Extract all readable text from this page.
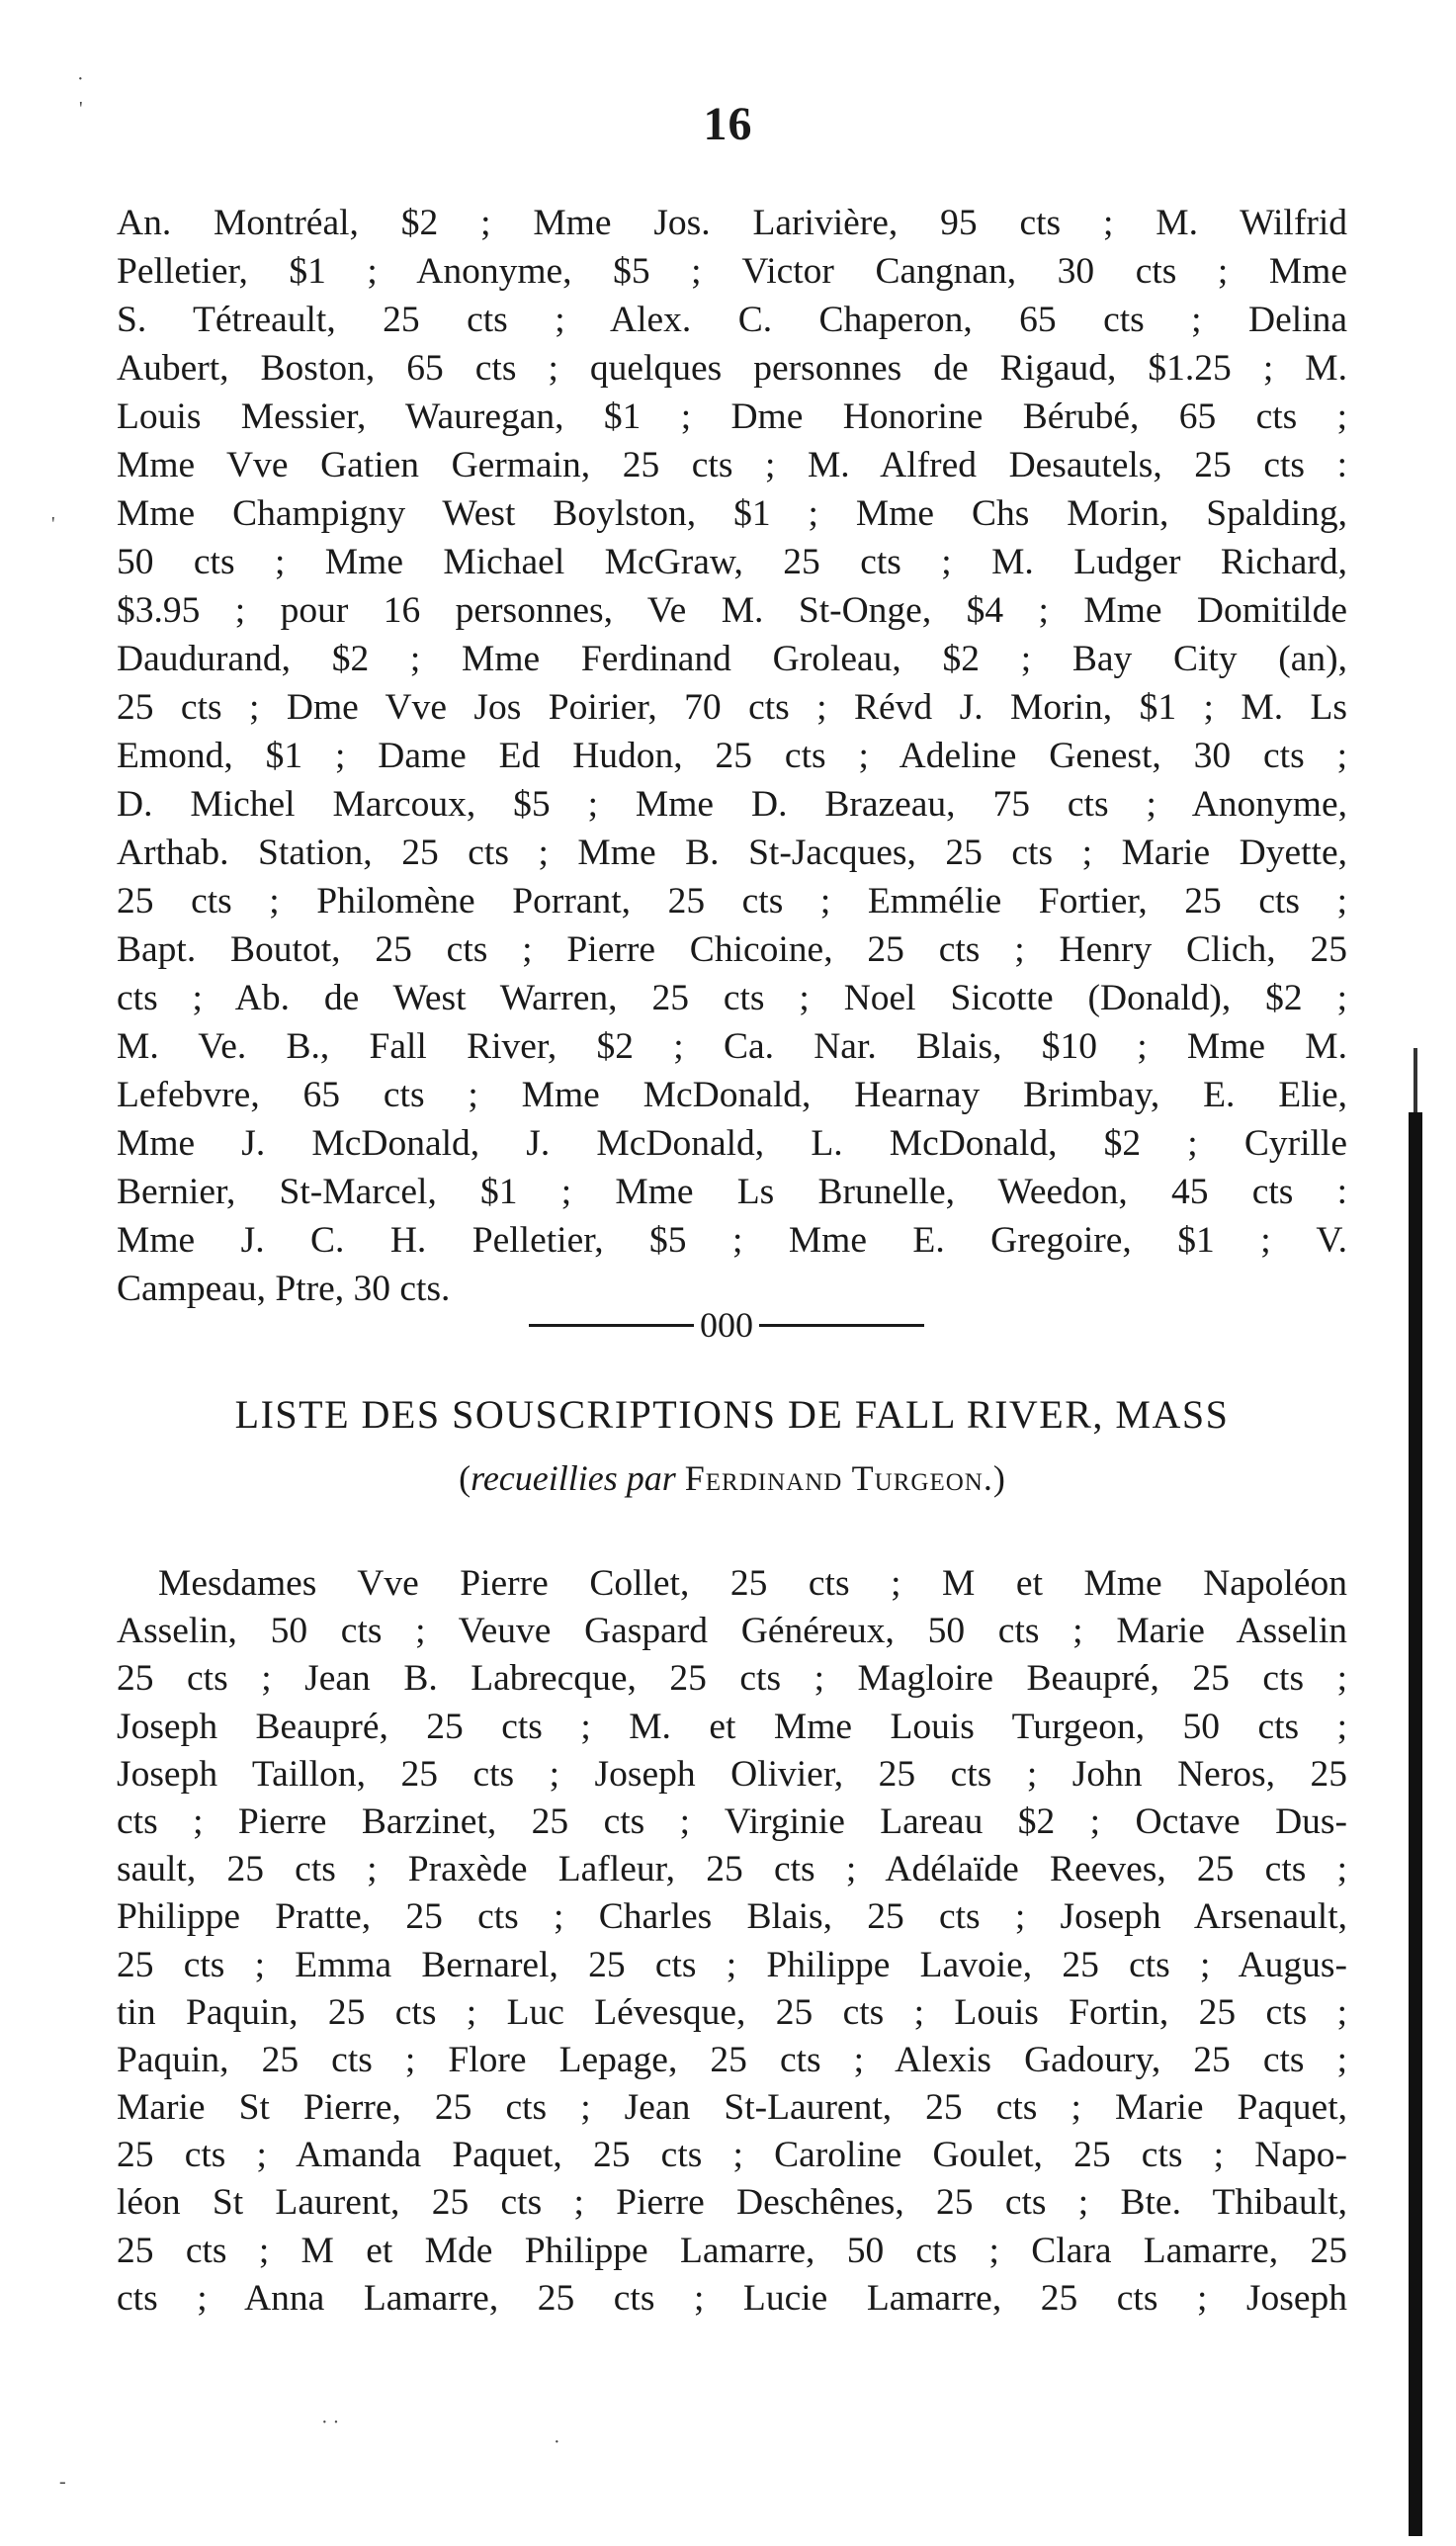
16
An. Montréal, $2 ; Mme Jos. Larivière, 95 cts ; M. Wilfrid
Pelletier, $1 ; Anonyme, $5 ; Victor Cangnan, 30 cts ; Mme
S. Tétreault, 25 cts ; Alex. C. Chaperon, 65 cts ; Delina
Aubert, Boston, 65 cts ; quelques personnes de Rigaud, $1.25 ; M.
Louis Messier, Wauregan, $1 ; Dme Honorine Bérubé, 65 cts ;
Mme Vve Gatien Germain, 25 cts ; M. Alfred Desautels, 25 cts :
Mme Champigny West Boylston, $1 ; Mme Chs Morin, Spalding,
50 cts ; Mme Michael McGraw, 25 cts ; M. Ludger Richard,
$3.95 ; pour 16 personnes, Ve M. St-Onge, $4 ; Mme Domitilde
Daudurand, $2 ; Mme Ferdinand Groleau, $2 ; Bay City (an),
25 cts ; Dme Vve Jos Poirier, 70 cts ; Révd J. Morin, $1 ; M. Ls
Emond, $1 ; Dame Ed Hudon, 25 cts ; Adeline Genest, 30 cts ;
D. Michel Marcoux, $5 ; Mme D. Brazeau, 75 cts ; Anonyme,
Arthab. Station, 25 cts ; Mme B. St-Jacques, 25 cts ; Marie Dyette,
25 cts ; Philomène Porrant, 25 cts ; Emmélie Fortier, 25 cts ;
Bapt. Boutot, 25 cts ; Pierre Chicoine, 25 cts ; Henry Clich, 25
cts ; Ab. de West Warren, 25 cts ; Noel Sicotte (Donald), $2 ;
M. Ve. B., Fall River, $2 ; Ca. Nar. Blais, $10 ; Mme M.
Lefebvre, 65 cts ; Mme McDonald, Hearnay Brimbay, E. Elie,
Mme J. McDonald, J. McDonald, L. McDonald, $2 ; Cyrille
Bernier, St-Marcel, $1 ; Mme Ls Brunelle, Weedon, 45 cts :
Mme J. C. H. Pelletier, $5 ; Mme E. Gregoire, $1 ; V.
Campeau, Ptre, 30 cts.
000
LISTE DES SOUSCRIPTIONS DE FALL RIVER, MASS
(recueillies par Ferdinand Turgeon.)
Mesdames Vve Pierre Collet, 25 cts ; M et Mme Napoléon
Asselin, 50 cts ; Veuve Gaspard Généreux, 50 cts ; Marie Asselin
25 cts ; Jean B. Labrecque, 25 cts ; Magloire Beaupré, 25 cts ;
Joseph Beaupré, 25 cts ; M. et Mme Louis Turgeon, 50 cts ;
Joseph Taillon, 25 cts ; Joseph Olivier, 25 cts ; John Neros, 25
cts ; Pierre Barzinet, 25 cts ; Virginie Lareau $2 ; Octave Dus-
sault, 25 cts ; Praxède Lafleur, 25 cts ; Adélaïde Reeves, 25 cts ;
Philippe Pratte, 25 cts ; Charles Blais, 25 cts ; Joseph Arsenault,
25 cts ; Emma Bernarel, 25 cts ; Philippe Lavoie, 25 cts ; Augus-
tin Paquin, 25 cts ; Luc Lévesque, 25 cts ; Louis Fortin, 25 cts ;
Paquin, 25 cts ; Flore Lepage, 25 cts ; Alexis Gadoury, 25 cts ;
Marie St Pierre, 25 cts ; Jean St-Laurent, 25 cts ; Marie Paquet,
25 cts ; Amanda Paquet, 25 cts ; Caroline Goulet, 25 cts ; Napo-
léon St Laurent, 25 cts ; Pierre Deschênes, 25 cts ; Bte. Thibault,
25 cts ; M et Mde Philippe Lamarre, 50 cts ; Clara Lamarre, 25
cts ; Anna Lamarre, 25 cts ; Lucie Lamarre, 25 cts ; Joseph
·
'
'
· ·
·
-
